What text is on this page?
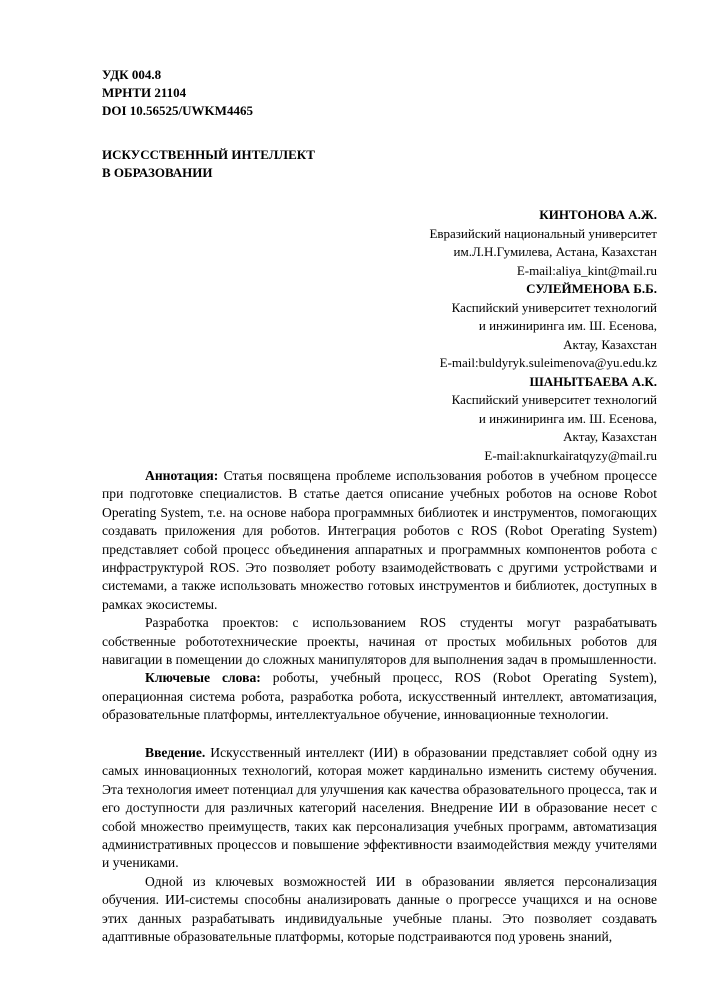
УДК 004.8
МРНТИ 21104
DOI 10.56525/UWKM4465
ИСКУССТВЕННЫЙ ИНТЕЛЛЕКТ
В ОБРАЗОВАНИИ
КИНТОНОВА А.Ж.
Евразийский национальный университет
им.Л.Н.Гумилева, Астана, Казахстан
E-mail:aliya_kint@mail.ru
СУЛЕЙМЕНОВА Б.Б.
Каспийский университет технологий
и инжиниринга им. Ш. Есенова,
Актау, Казахстан
E-mail:buldyryk.suleimenova@yu.edu.kz
ШАНЫТБАЕВА А.К.
Каспийский университет технологий
и инжиниринга им. Ш. Есенова,
Актау, Казахстан
E-mail:aknurkairatqyzy@mail.ru

Аннотация: Статья посвящена проблеме использования роботов в учебном процессе при подготовке специалистов. В статье дается описание учебных роботов на основе Robot Operating System, т.е. на основе набора программных библиотек и инструментов, помогающих создавать приложения для роботов. Интеграция роботов с ROS (Robot Operating System) представляет собой процесс объединения аппаратных и программных компонентов робота с инфраструктурой ROS. Это позволяет роботу взаимодействовать с другими устройствами и системами, а также использовать множество готовых инструментов и библиотек, доступных в рамках экосистемы.

Разработка проектов: с использованием ROS студенты могут разрабатывать собственные робототехнические проекты, начиная от простых мобильных роботов для навигации в помещении до сложных манипуляторов для выполнения задач в промышленности.

Ключевые слова: роботы, учебный процесс, ROS (Robot Operating System), операционная система робота, разработка робота, искусственный интеллект, автоматизация, образовательные платформы, интеллектуальное обучение, инновационные технологии.

Введение. Искусственный интеллект (ИИ) в образовании представляет собой одну из самых инновационных технологий, которая может кардинально изменить систему обучения. Эта технология имеет потенциал для улучшения как качества образовательного процесса, так и его доступности для различных категорий населения. Внедрение ИИ в образование несет с собой множество преимуществ, таких как персонализация учебных программ, автоматизация административных процессов и повышение эффективности взаимодействия между учителями и учениками.

Одной из ключевых возможностей ИИ в образовании является персонализация обучения. ИИ-системы способны анализировать данные о прогрессе учащихся и на основе этих данных разрабатывать индивидуальные учебные планы. Это позволяет создавать адаптивные образовательные платформы, которые подстраиваются под уровень знаний,
